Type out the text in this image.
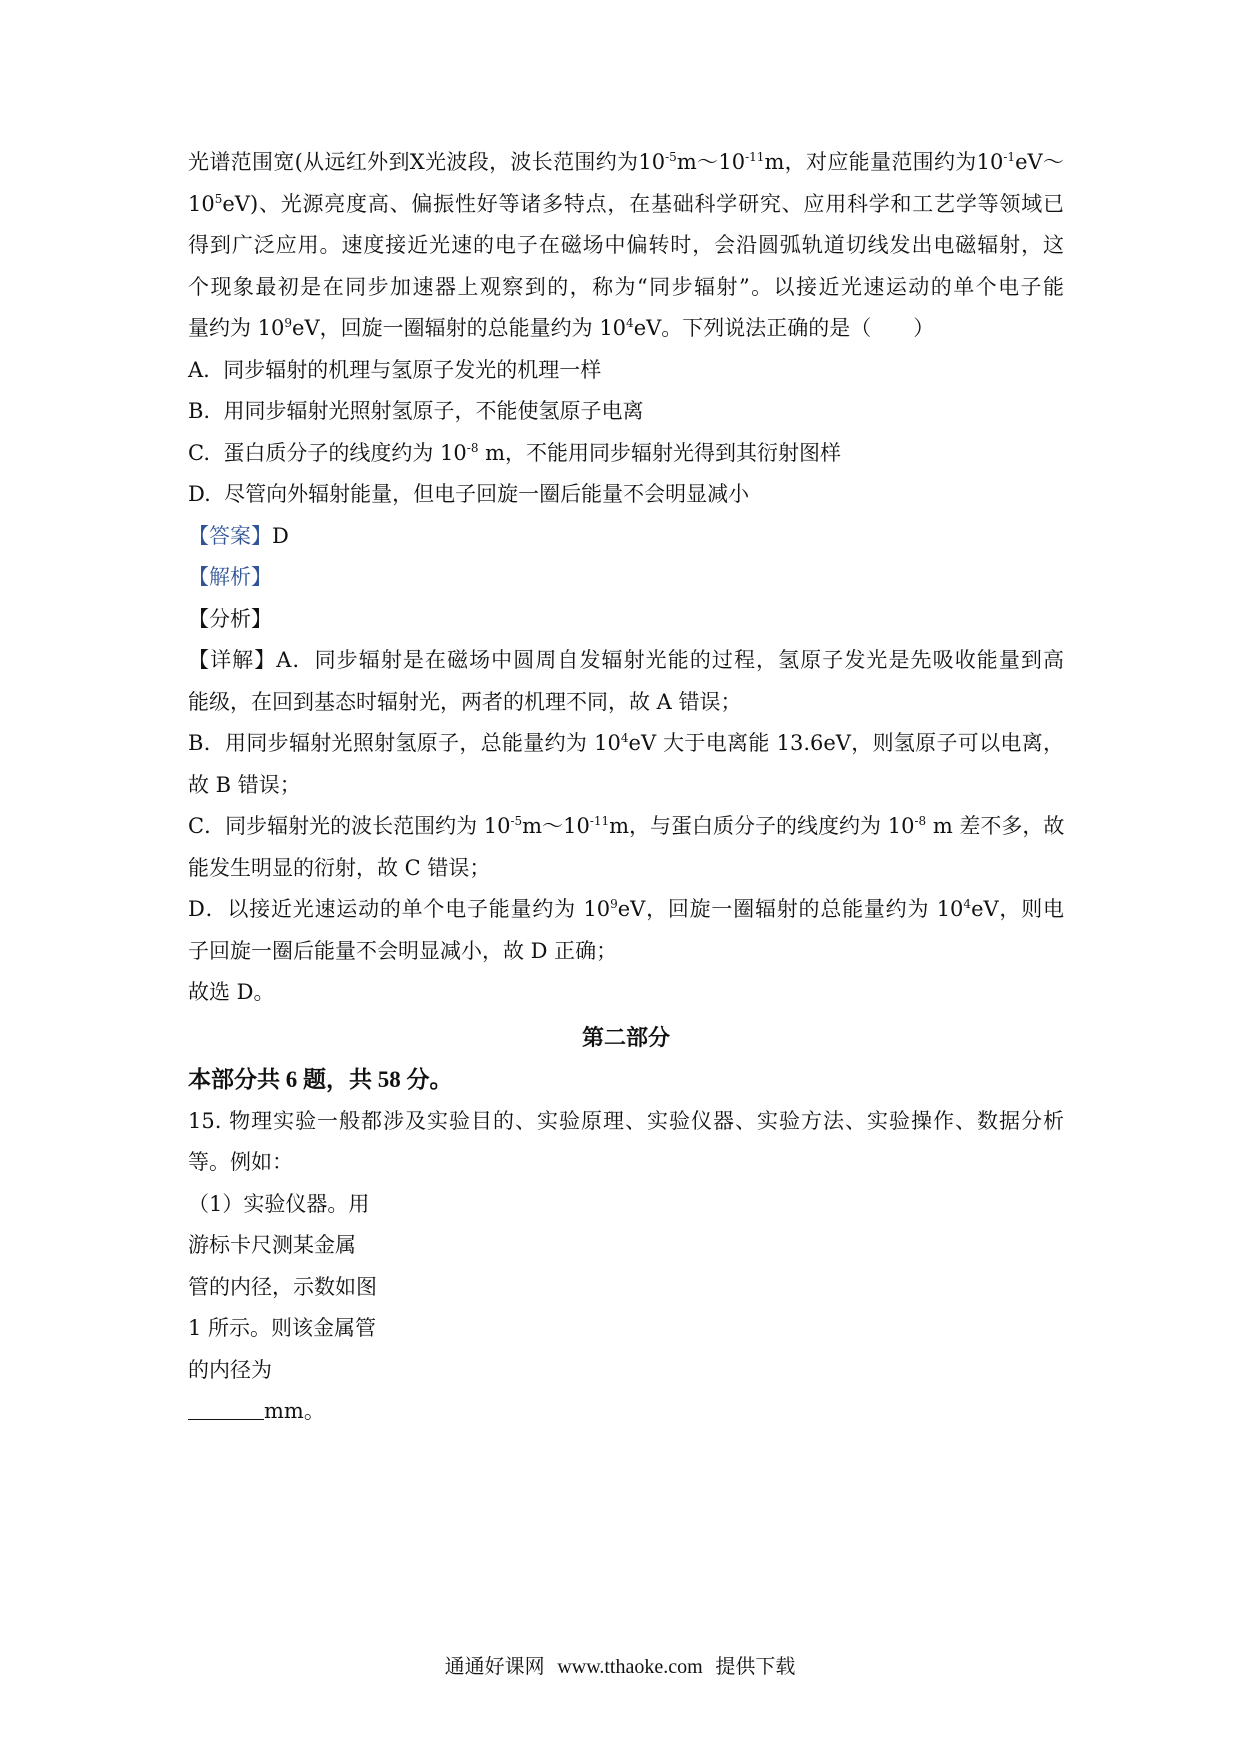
光谱范围宽(从远红外到X光波段，波长范围约为$10^{-5}m\sim 10^{-11}m$，对应能量范围约为$10^{-1}eV\sim$
$10^5eV$)、光源亮度高、偏振性好等诸多特点，在基础科学研究、应用科学和工艺学等领域已
得到广泛应用。速度接近光速的电子在磁场中偏转时，会沿圆弧轨道切线发出电磁辐射，这
个现象最初是在同步加速器上观察到的，称为“同步辐射”。以接近光速运动的单个电子能
量约为 $10^9eV$，回旋一圈辐射的总能量约为 $10^4eV$。下列说法正确的是（　　）
A. 同步辐射的机理与氢原子发光的机理一样
B. 用同步辐射光照射氢原子，不能使氢原子电离
C. 蛋白质分子的线度约为 $10^{-8}$ m，不能用同步辐射光得到其衍射图样
D. 尽管向外辐射能量，但电子回旋一圈后能量不会明显减小
【答案】D
【解析】
【分析】
【详解】A．同步辐射是在磁场中圆周自发辐射光能的过程，氢原子发光是先吸收能量到高
能级，在回到基态时辐射光，两者的机理不同，故 A 错误；
B．用同步辐射光照射氢原子，总能量约为 $10^4eV$ 大于电离能 13.6eV，则氢原子可以电离，
故 B 错误；
C．同步辐射光的波长范围约为 $10^{-5}m\sim 10^{-11}m$，与蛋白质分子的线度约为 $10^{-8}$ m 差不多，故
能发生明显的衍射，故 C 错误；
D．以接近光速运动的单个电子能量约为 $10^9eV$，回旋一圈辐射的总能量约为 $10^4eV$，则电
子回旋一圈后能量不会明显减小，故 D 正确；
故选 D。
第二部分
本部分共 6 题，共 58 分。
15. 物理实验一般都涉及实验目的、实验原理、实验仪器、实验方法、实验操作、数据分析
等。例如：
（1）实验仪器。用
游标卡尺测某金属
管的内径，示数如图
1 所示。则该金属管
的内径为
mm。
通通好课网 www.tthaoke.com 提供下载
